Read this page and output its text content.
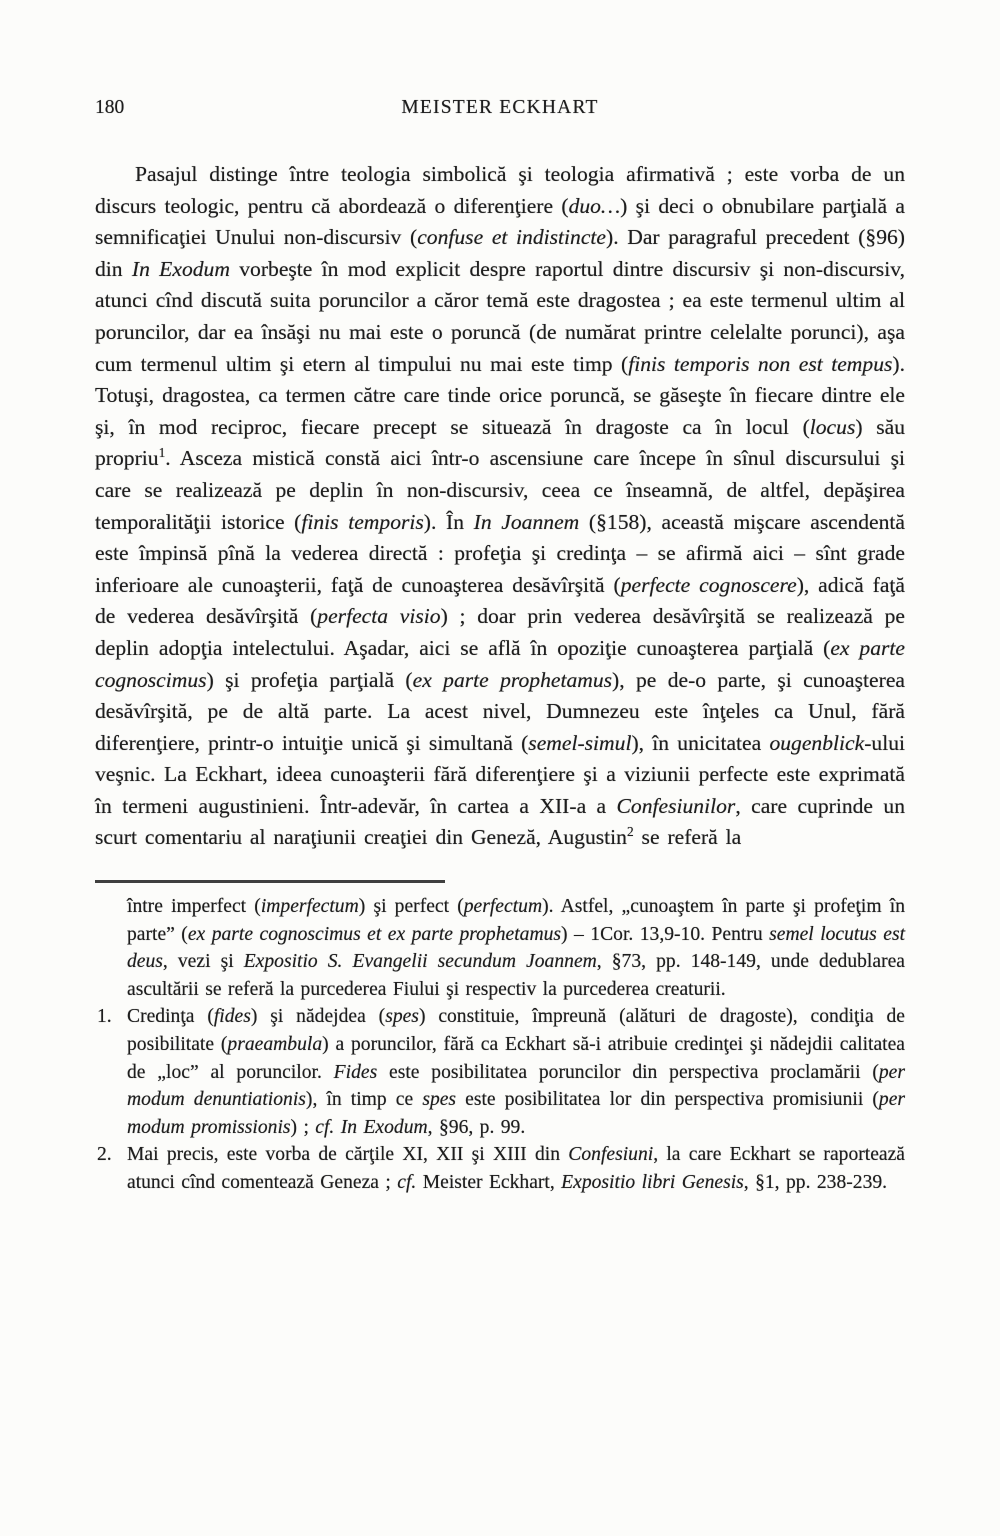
180	MEISTER ECKHART

Pasajul distinge între teologia simbolică şi teologia afirmativă ; este vorba de un discurs teologic, pentru că abordează o diferenţiere (duo…) şi deci o obnubilare parţială a semnificaţiei Unului non-discursiv (confuse et indistincte). Dar paragraful precedent (§96) din In Exodum vorbeşte în mod explicit despre raportul dintre discursiv şi non-discursiv, atunci cînd discută suita poruncilor a căror temă este dragostea ; ea este termenul ultim al poruncilor, dar ea însăşi nu mai este o poruncă (de numărat printre celelalte porunci), aşa cum termenul ultim şi etern al timpului nu mai este timp (finis temporis non est tempus). Totuşi, dragostea, ca termen către care tinde orice poruncă, se găseşte în fiecare dintre ele şi, în mod reciproc, fiecare precept se situează în dragoste ca în locul (locus) său propriu$^1$. Asceza mistică constă aici într-o ascensiune care începe în sînul discursului şi care se realizează pe deplin în non-discursiv, ceea ce înseamnă, de altfel, depăşirea temporalităţii istorice (finis temporis). În In Joannem (§158), această mişcare ascendentă este împinsă pînă la vederea directă : profeţia şi credinţa – se afirmă aici – sînt grade inferioare ale cunoaşterii, faţă de cunoaşterea desăvîrşită (perfecte cognoscere), adică faţă de vederea desăvîrşită (perfecta visio) ; doar prin vederea desăvîrşită se realizează pe deplin adopţia intelectului. Aşadar, aici se află în opoziţie cunoaşterea parţială (ex parte cognoscimus) şi profeţia parţială (ex parte prophetamus), pe de-o parte, şi cunoaşterea desăvîrşită, pe de altă parte. La acest nivel, Dumnezeu este înţeles ca Unul, fără diferenţiere, printr-o intuiţie unică şi simultană (semel-simul), în unicitatea ougenblick-ului veşnic. La Eckhart, ideea cunoaşterii fără diferenţiere şi a viziunii perfecte este exprimată în termeni augustinieni. Într-adevăr, în cartea a XII-a a Confesiunilor, care cuprinde un scurt comentariu al naraţiunii creaţiei din Geneză, Augustin$^2$ se referă la

între imperfect (imperfectum) şi perfect (perfectum). Astfel, „cunoaştem în parte şi profeţim în parte” (ex parte cognoscimus et ex parte prophetamus) – 1Cor. 13,9-10. Pentru semel locutus est deus, vezi şi Expositio S. Evangelii secundum Joannem, §73, pp. 148-149, unde dedublarea ascultării se referă la purcederea Fiului şi respectiv la purcederea creaturii.
1. Credinţa (fides) şi nădejdea (spes) constituie, împreună (alături de dragoste), condiţia de posibilitate (praeambula) a poruncilor, fără ca Eckhart să-i atribuie credinţei şi nădejdii calitatea de „loc” al poruncilor. Fides este posibilitatea poruncilor din perspectiva proclamării (per modum denuntiationis), în timp ce spes este posibilitatea lor din perspectiva promisiunii (per modum promissionis) ; cf. In Exodum, §96, p. 99.
2. Mai precis, este vorba de cărţile XI, XII şi XIII din Confesiuni, la care Eckhart se raportează atunci cînd comentează Geneza ; cf. Meister Eckhart, Expositio libri Genesis, §1, pp. 238-239.
